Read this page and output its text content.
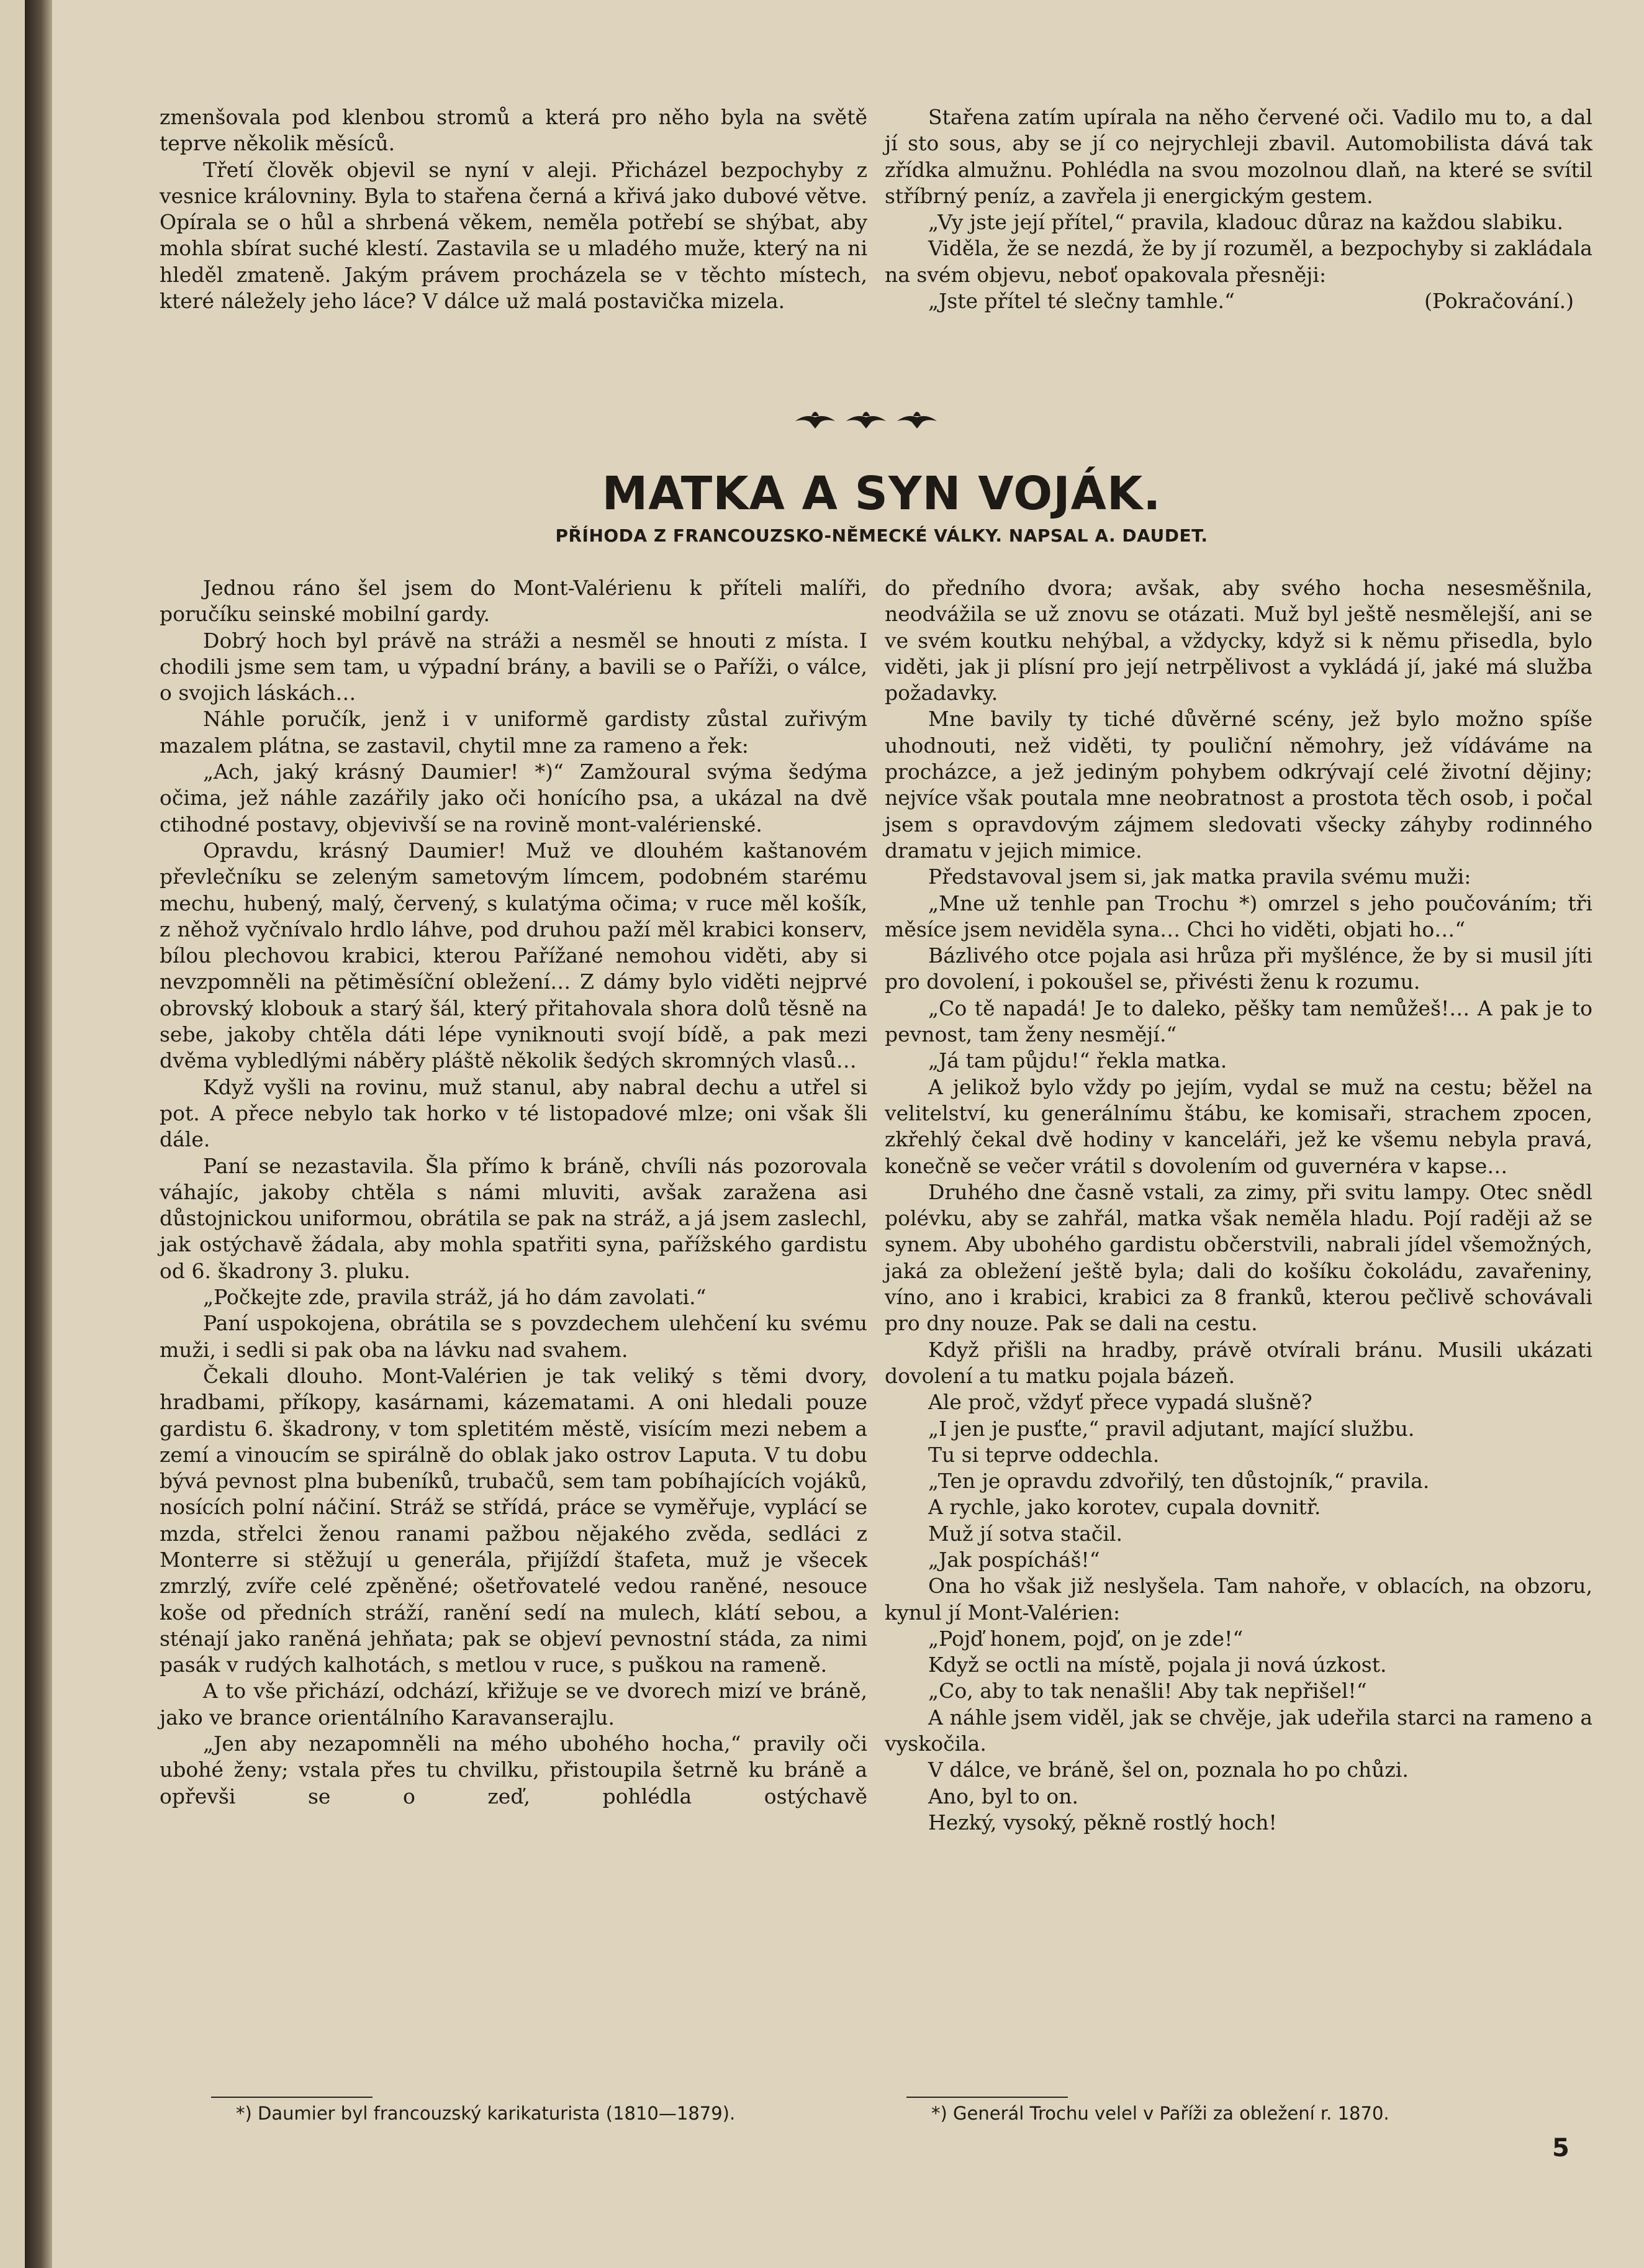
zmenšovala pod klenbou stromů a která pro něho byla na světě teprve několik měsíců.

Třetí člověk objevil se nyní v aleji. Přicházel bezpochyby z vesnice královniny. Byla to stařena černá a křivá jako dubové větve. Opírala se o hůl a shrbená věkem, neměla potřebí se shýbat, aby mohla sbírat suché klestí. Zastavila se u mladého muže, který na ni hleděl zmateně. Jakým právem procházela se v těchto místech, které náležely jeho láce? V dálce už malá postavička mizela.

Stařena zatím upírala na něho červené oči. Vadilo mu to, a dal jí sto sous, aby se jí co nejrychleji zbavil. Automobilista dává tak zřídka almužnu. Pohlédla na svou mozolnou dlaň, na které se svítil stříbrný peníz, a zavřela ji energickým gestem.

„Vy jste její přítel,“ pravila, kladouc důraz na každou slabiku.

Viděla, že se nezdá, že by jí rozuměl, a bezpochyby si zakládala na svém objevu, neboť opakovala přesněji:

„Jste přítel té slečny tamhle.“	(Pokračování.)

MATKA A SYN VOJÁK.
PŘÍHODA Z FRANCOUZSKO-NĚMECKÉ VÁLKY. NAPSAL A. DAUDET.

Jednou ráno šel jsem do Mont-Valérienu k příteli malíři, poručíku seinské mobilní gardy.

Dobrý hoch byl právě na stráži a nesměl se hnouti z místa. I chodili jsme sem tam, u výpadní brány, a bavili se o Paříži, o válce, o svojich láskách…

Náhle poručík, jenž i v uniformě gardisty zůstal zuřivým mazalem plátna, se zastavil, chytil mne za rameno a řek:

„Ach, jaký krásný Daumier! *)“ Zamžoural svýma šedýma očima, jež náhle zazářily jako oči honícího psa, a ukázal na dvě ctihodné postavy, objevivší se na rovině mont-valérienské.

Opravdu, krásný Daumier! Muž ve dlouhém kaštanovém převlečníku se zeleným sametovým límcem, podobném starému mechu, hubený, malý, červený, s kulatýma očima; v ruce měl košík, z něhož vyčnívalo hrdlo láhve, pod druhou paží měl krabici konserv, bílou plechovou krabici, kterou Pařížané nemohou viděti, aby si nevzpomněli na pětiměsíční obležení… Z dámy bylo viděti nejprvé obrovský klobouk a starý šál, který přitahovala shora dolů těsně na sebe, jakoby chtěla dáti lépe vyniknouti svojí bídě, a pak mezi dvěma vybledlými náběry pláště několik šedých skromných vlasů…

Když vyšli na rovinu, muž stanul, aby nabral dechu a utřel si pot. A přece nebylo tak horko v té listopadové mlze; oni však šli dále.

Paní se nezastavila. Šla přímo k bráně, chvíli nás pozorovala váhajíc, jakoby chtěla s námi mluviti, avšak zaražena asi důstojnickou uniformou, obrátila se pak na stráž, a já jsem zaslechl, jak ostýchavě žádala, aby mohla spatřiti syna, pařížského gardistu od 6. škadrony 3. pluku.

„Počkejte zde, pravila stráž, já ho dám zavolati.“

Paní uspokojena, obrátila se s povzdechem ulehčení ku svému muži, i sedli si pak oba na lávku nad svahem.

Čekali dlouho. Mont-Valérien je tak veliký s těmi dvory, hradbami, příkopy, kasárnami, kázematami. A oni hledali pouze gardistu 6. škadrony, v tom spletitém městě, visícím mezi nebem a zemí a vinoucím se spirálně do oblak jako ostrov Laputa. V tu dobu bývá pevnost plna bubeníků, trubačů, sem tam pobíhajících vojáků, nosících polní náčiní. Stráž se střídá, práce se vyměřuje, vyplácí se mzda, střelci ženou ranami pažbou nějakého zvěda, sedláci z Monterre si stěžují u generála, přijíždí štafeta, muž je všecek zmrzlý, zvíře celé zpěněné; ošetřovatelé vedou raněné, nesouce koše od předních stráží, ranění sedí na mulech, klátí sebou, a sténají jako raněná jehňata; pak se objeví pevnostní stáda, za nimi pasák v rudých kalhotách, s metlou v ruce, s puškou na rameně.

A to vše přichází, odchází, křižuje se ve dvorech mizí ve bráně, jako ve brance orientálního Karavanserajlu.

„Jen aby nezapomněli na mého ubohého hocha,“ pravily oči ubohé ženy; vstala přes tu chvilku, přistoupila šetrně ku bráně a opřevši se o zeď, pohlédla ostýchavě

do předního dvora; avšak, aby svého hocha nesesměšnila, neodvážila se už znovu se otázati. Muž byl ještě nesmělejší, ani se ve svém koutku nehýbal, a vždycky, když si k němu přisedla, bylo viděti, jak ji plísní pro její netrpělivost a vykládá jí, jaké má služba požadavky.

Mne bavily ty tiché důvěrné scény, jež bylo možno spíše uhodnouti, než viděti, ty pouliční němohry, jež vídáváme na procházce, a jež jediným pohybem odkrývají celé životní dějiny; nejvíce však poutala mne neobratnost a prostota těch osob, i počal jsem s opravdovým zájmem sledovati všecky záhyby rodinného dramatu v jejich mimice.

Představoval jsem si, jak matka pravila svému muži:

„Mne už tenhle pan Trochu *) omrzel s jeho poučováním; tři měsíce jsem neviděla syna… Chci ho viděti, objati ho…“

Bázlivého otce pojala asi hrůza při myšlénce, že by si musil jíti pro dovolení, i pokoušel se, přivésti ženu k rozumu.

„Co tě napadá! Je to daleko, pěšky tam nemůžeš!… A pak je to pevnost, tam ženy nesmějí.“

„Já tam půjdu!“ řekla matka.

A jelikož bylo vždy po jejím, vydal se muž na cestu; běžel na velitelství, ku generálnímu štábu, ke komisaři, strachem zpocen, zkřehlý čekal dvě hodiny v kanceláři, jež ke všemu nebyla pravá, konečně se večer vrátil s dovolením od guvernéra v kapse…

Druhého dne časně vstali, za zimy, při svitu lampy. Otec snědl polévku, aby se zahřál, matka však neměla hladu. Pojí raději až se synem. Aby ubohého gardistu občerstvili, nabrali jídel všemožných, jaká za obležení ještě byla; dali do košíku čokoládu, zavařeniny, víno, ano i krabici, krabici za 8 franků, kterou pečlivě schovávali pro dny nouze. Pak se dali na cestu.

Když přišli na hradby, právě otvírali bránu. Musili ukázati dovolení a tu matku pojala bázeň.

Ale proč, vždyť přece vypadá slušně?

„I jen je pusťte,“ pravil adjutant, mající službu.

Tu si teprve oddechla.

„Ten je opravdu zdvořilý, ten důstojník,“ pravila.

A rychle, jako korotev, cupala dovnitř.

Muž jí sotva stačil.

„Jak pospícháš!“

Ona ho však již neslyšela. Tam nahoře, v oblacích, na obzoru, kynul jí Mont-Valérien:

„Pojď honem, pojď, on je zde!“

Když se octli na místě, pojala ji nová úzkost.

„Co, aby to tak nenašli! Aby tak nepřišel!“

A náhle jsem viděl, jak se chvěje, jak udeřila starci na rameno a vyskočila.

V dálce, ve bráně, šel on, poznala ho po chůzi.

Ano, byl to on.

Hezký, vysoký, pěkně rostlý hoch!

*) Daumier byl francouzský karikaturista (1810—1879).	*) Generál Trochu velel v Paříži za obležení r. 1870.
5
